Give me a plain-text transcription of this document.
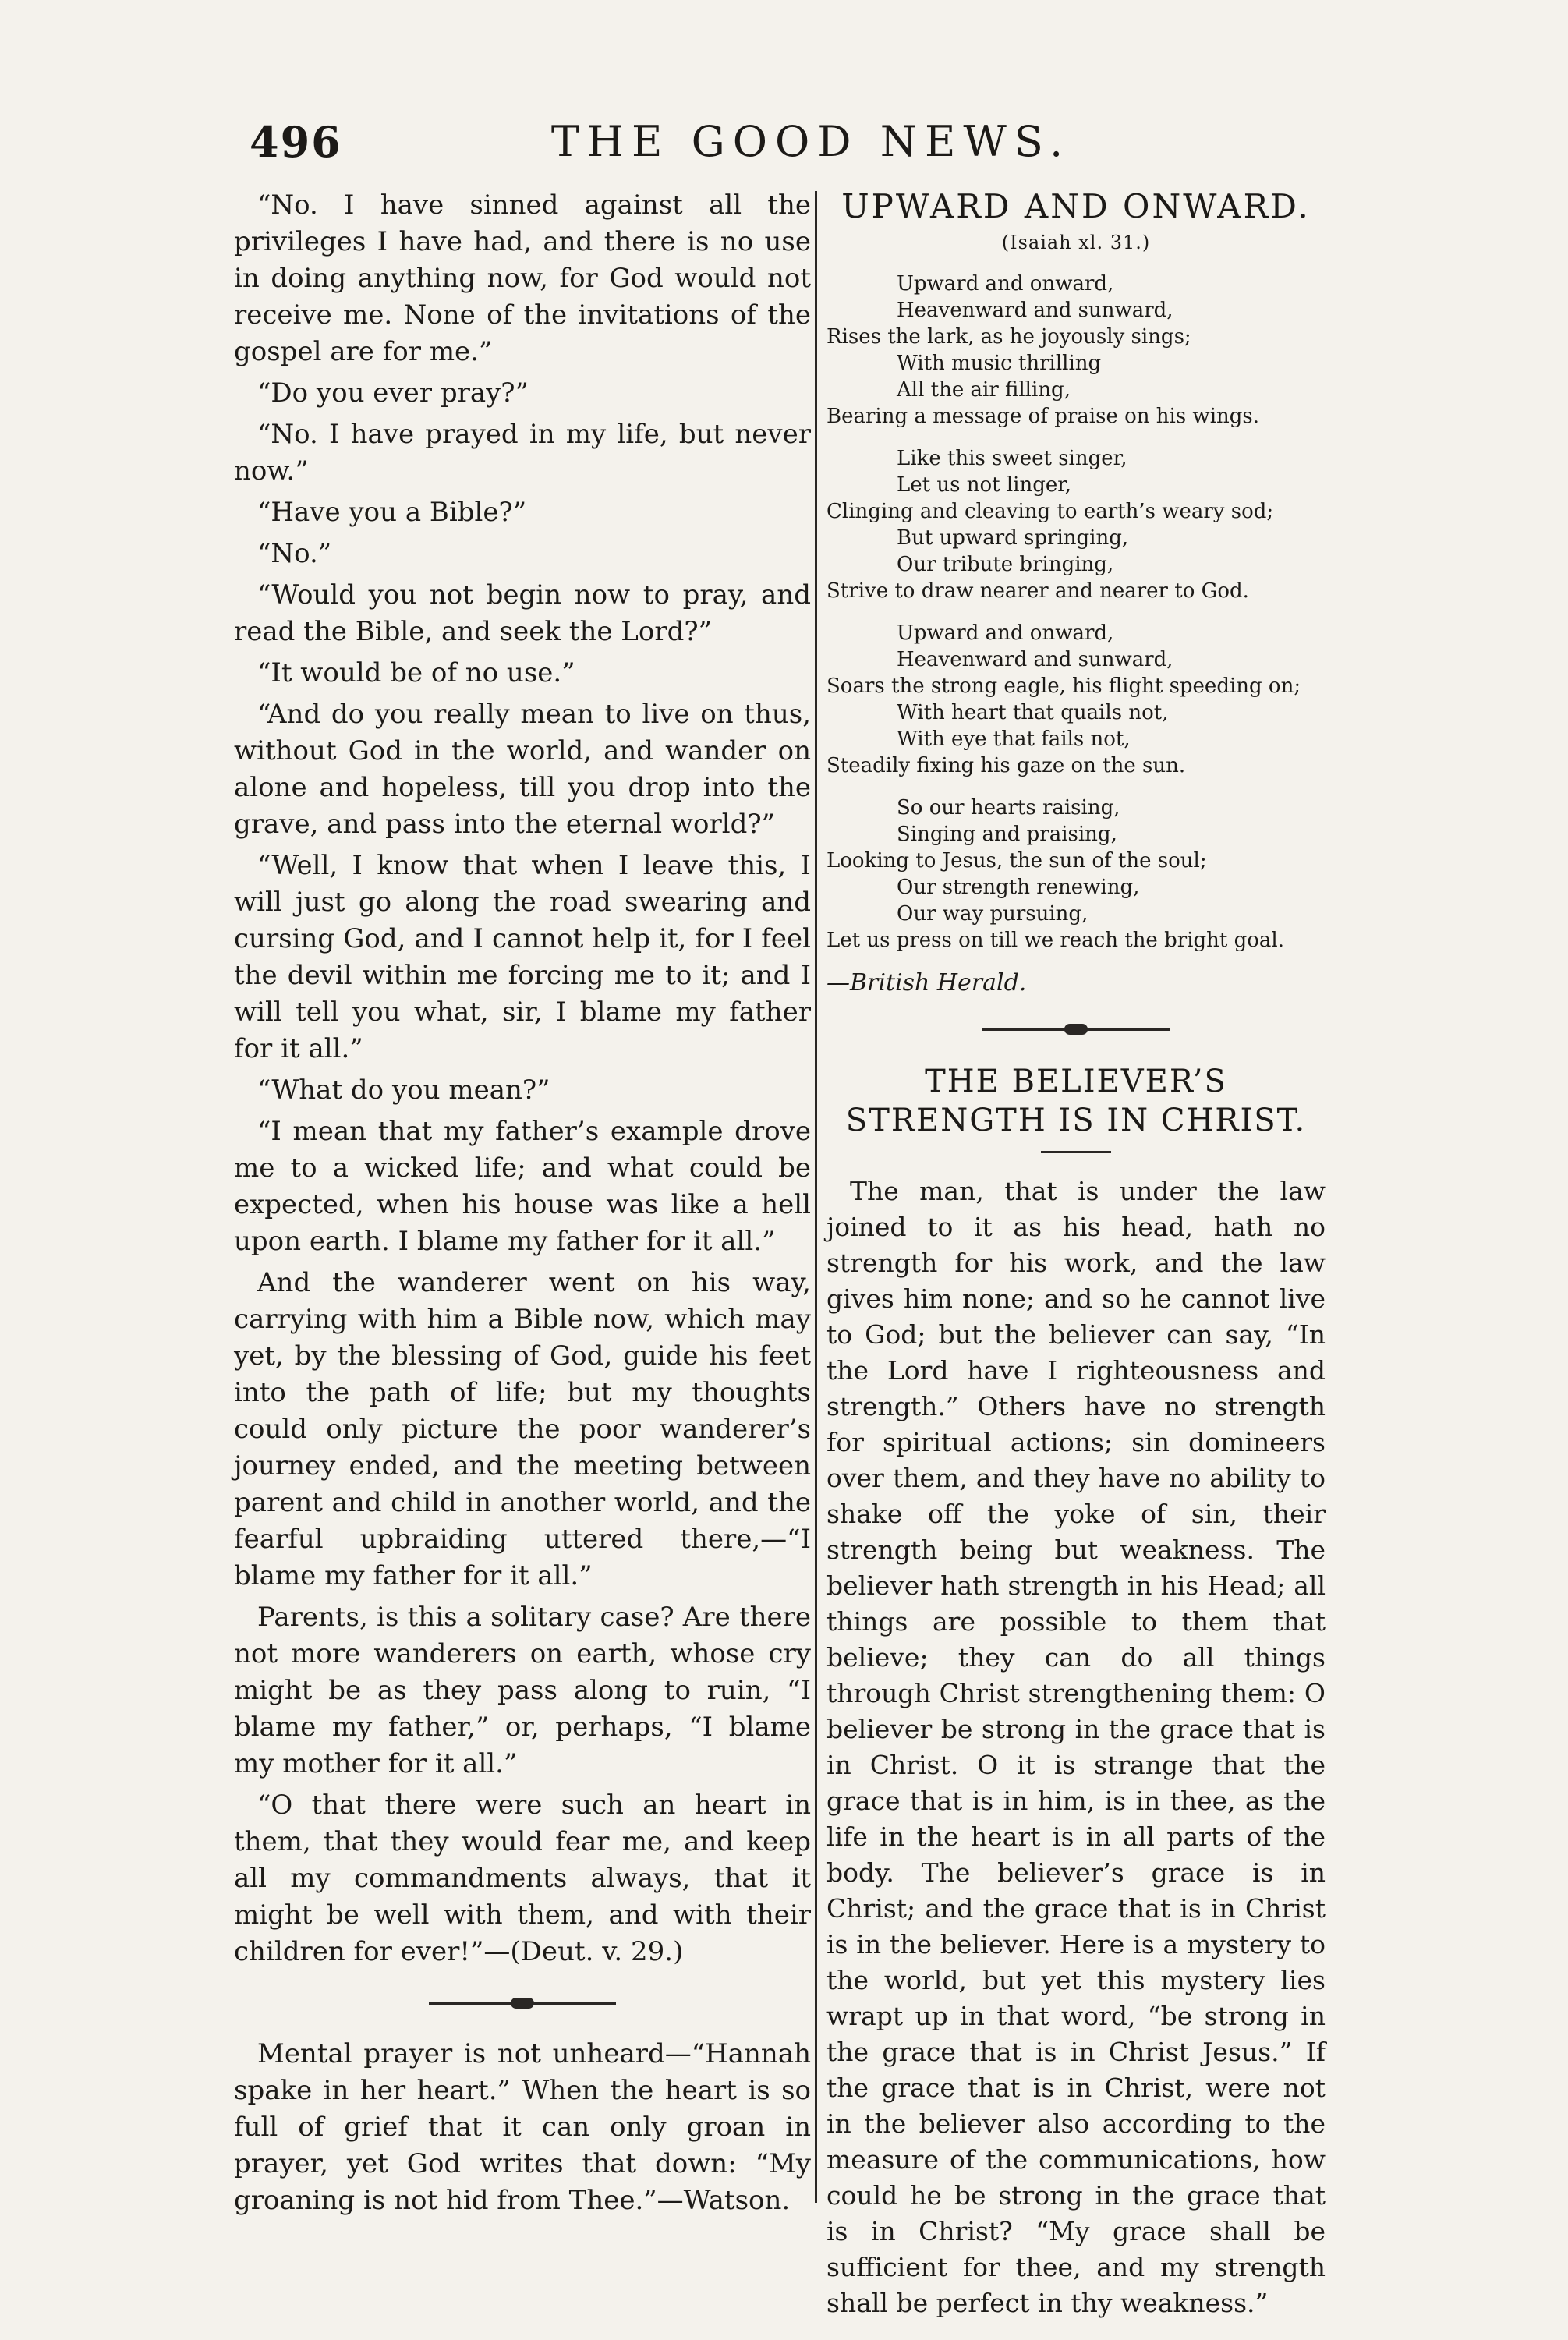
496	THE GOOD NEWS.

“No. I have sinned against all the privileges I have had, and there is no use in doing anything now, for God would not receive me. None of the invitations of the gospel are for me.”

“Do you ever pray?”

“No. I have prayed in my life, but never now.”

“Have you a Bible?”

“No.”

“Would you not begin now to pray, and read the Bible, and seek the Lord?”

“It would be of no use.”

“And do you really mean to live on thus, without God in the world, and wander on alone and hopeless, till you drop into the grave, and pass into the eternal world?”

“Well, I know that when I leave this, I will just go along the road swearing and cursing God, and I cannot help it, for I feel the devil within me forcing me to it; and I will tell you what, sir, I blame my father for it all.”

“What do you mean?”

“I mean that my father’s example drove me to a wicked life; and what could be expected, when his house was like a hell upon earth. I blame my father for it all.”

And the wanderer went on his way, carrying with him a Bible now, which may yet, by the blessing of God, guide his feet into the path of life; but my thoughts could only picture the poor wanderer’s journey ended, and the meeting between parent and child in another world, and the fearful upbraiding uttered there,—“I blame my father for it all.”

Parents, is this a solitary case? Are there not more wanderers on earth, whose cry might be as they pass along to ruin, “I blame my father,” or, perhaps, “I blame my mother for it all.”

“O that there were such an heart in them, that they would fear me, and keep all my commandments always, that it might be well with them, and with their children for ever!”—(Deut. v. 29.)

Mental prayer is not unheard—“Hannah spake in her heart.” When the heart is so full of grief that it can only groan in prayer, yet God writes that down: “My groaning is not hid from Thee.”—Watson.

UPWARD AND ONWARD.
(Isaiah xl. 31.)
Upward and onward,
Heavenward and sunward,
Rises the lark, as he joyously sings;
With music thrilling
All the air filling,
Bearing a message of praise on his wings.
Like this sweet singer,
Let us not linger,
Clinging and cleaving to earth’s weary sod;
But upward springing,
Our tribute bringing,
Strive to draw nearer and nearer to God.
Upward and onward,
Heavenward and sunward,
Soars the strong eagle, his flight speeding on;
With heart that quails not,
With eye that fails not,
Steadily fixing his gaze on the sun.
So our hearts raising,
Singing and praising,
Looking to Jesus, the sun of the soul;
Our strength renewing,
Our way pursuing,
Let us press on till we reach the bright goal.
—British Herald.
THE BELIEVER’S STRENGTH IS IN CHRIST.

The man, that is under the law joined to it as his head, hath no strength for his work, and the law gives him none; and so he cannot live to God; but the believer can say, “In the Lord have I righteousness and strength.” Others have no strength for spiritual actions; sin domineers over them, and they have no ability to shake off the yoke of sin, their strength being but weakness. The believer hath strength in his Head; all things are possible to them that believe; they can do all things through Christ strengthening them: O believer be strong in the grace that is in Christ. O it is strange that the grace that is in him, is in thee, as the life in the heart is in all parts of the body. The believer’s grace is in Christ; and the grace that is in Christ is in the believer. Here is a mystery to the world, but yet this mystery lies wrapt up in that word, “be strong in the grace that is in Christ Jesus.” If the grace that is in Christ, were not in the believer also according to the measure of the communications, how could he be strong in the grace that is in Christ? “My grace shall be sufficient for thee, and my strength shall be perfect in thy weakness.”
